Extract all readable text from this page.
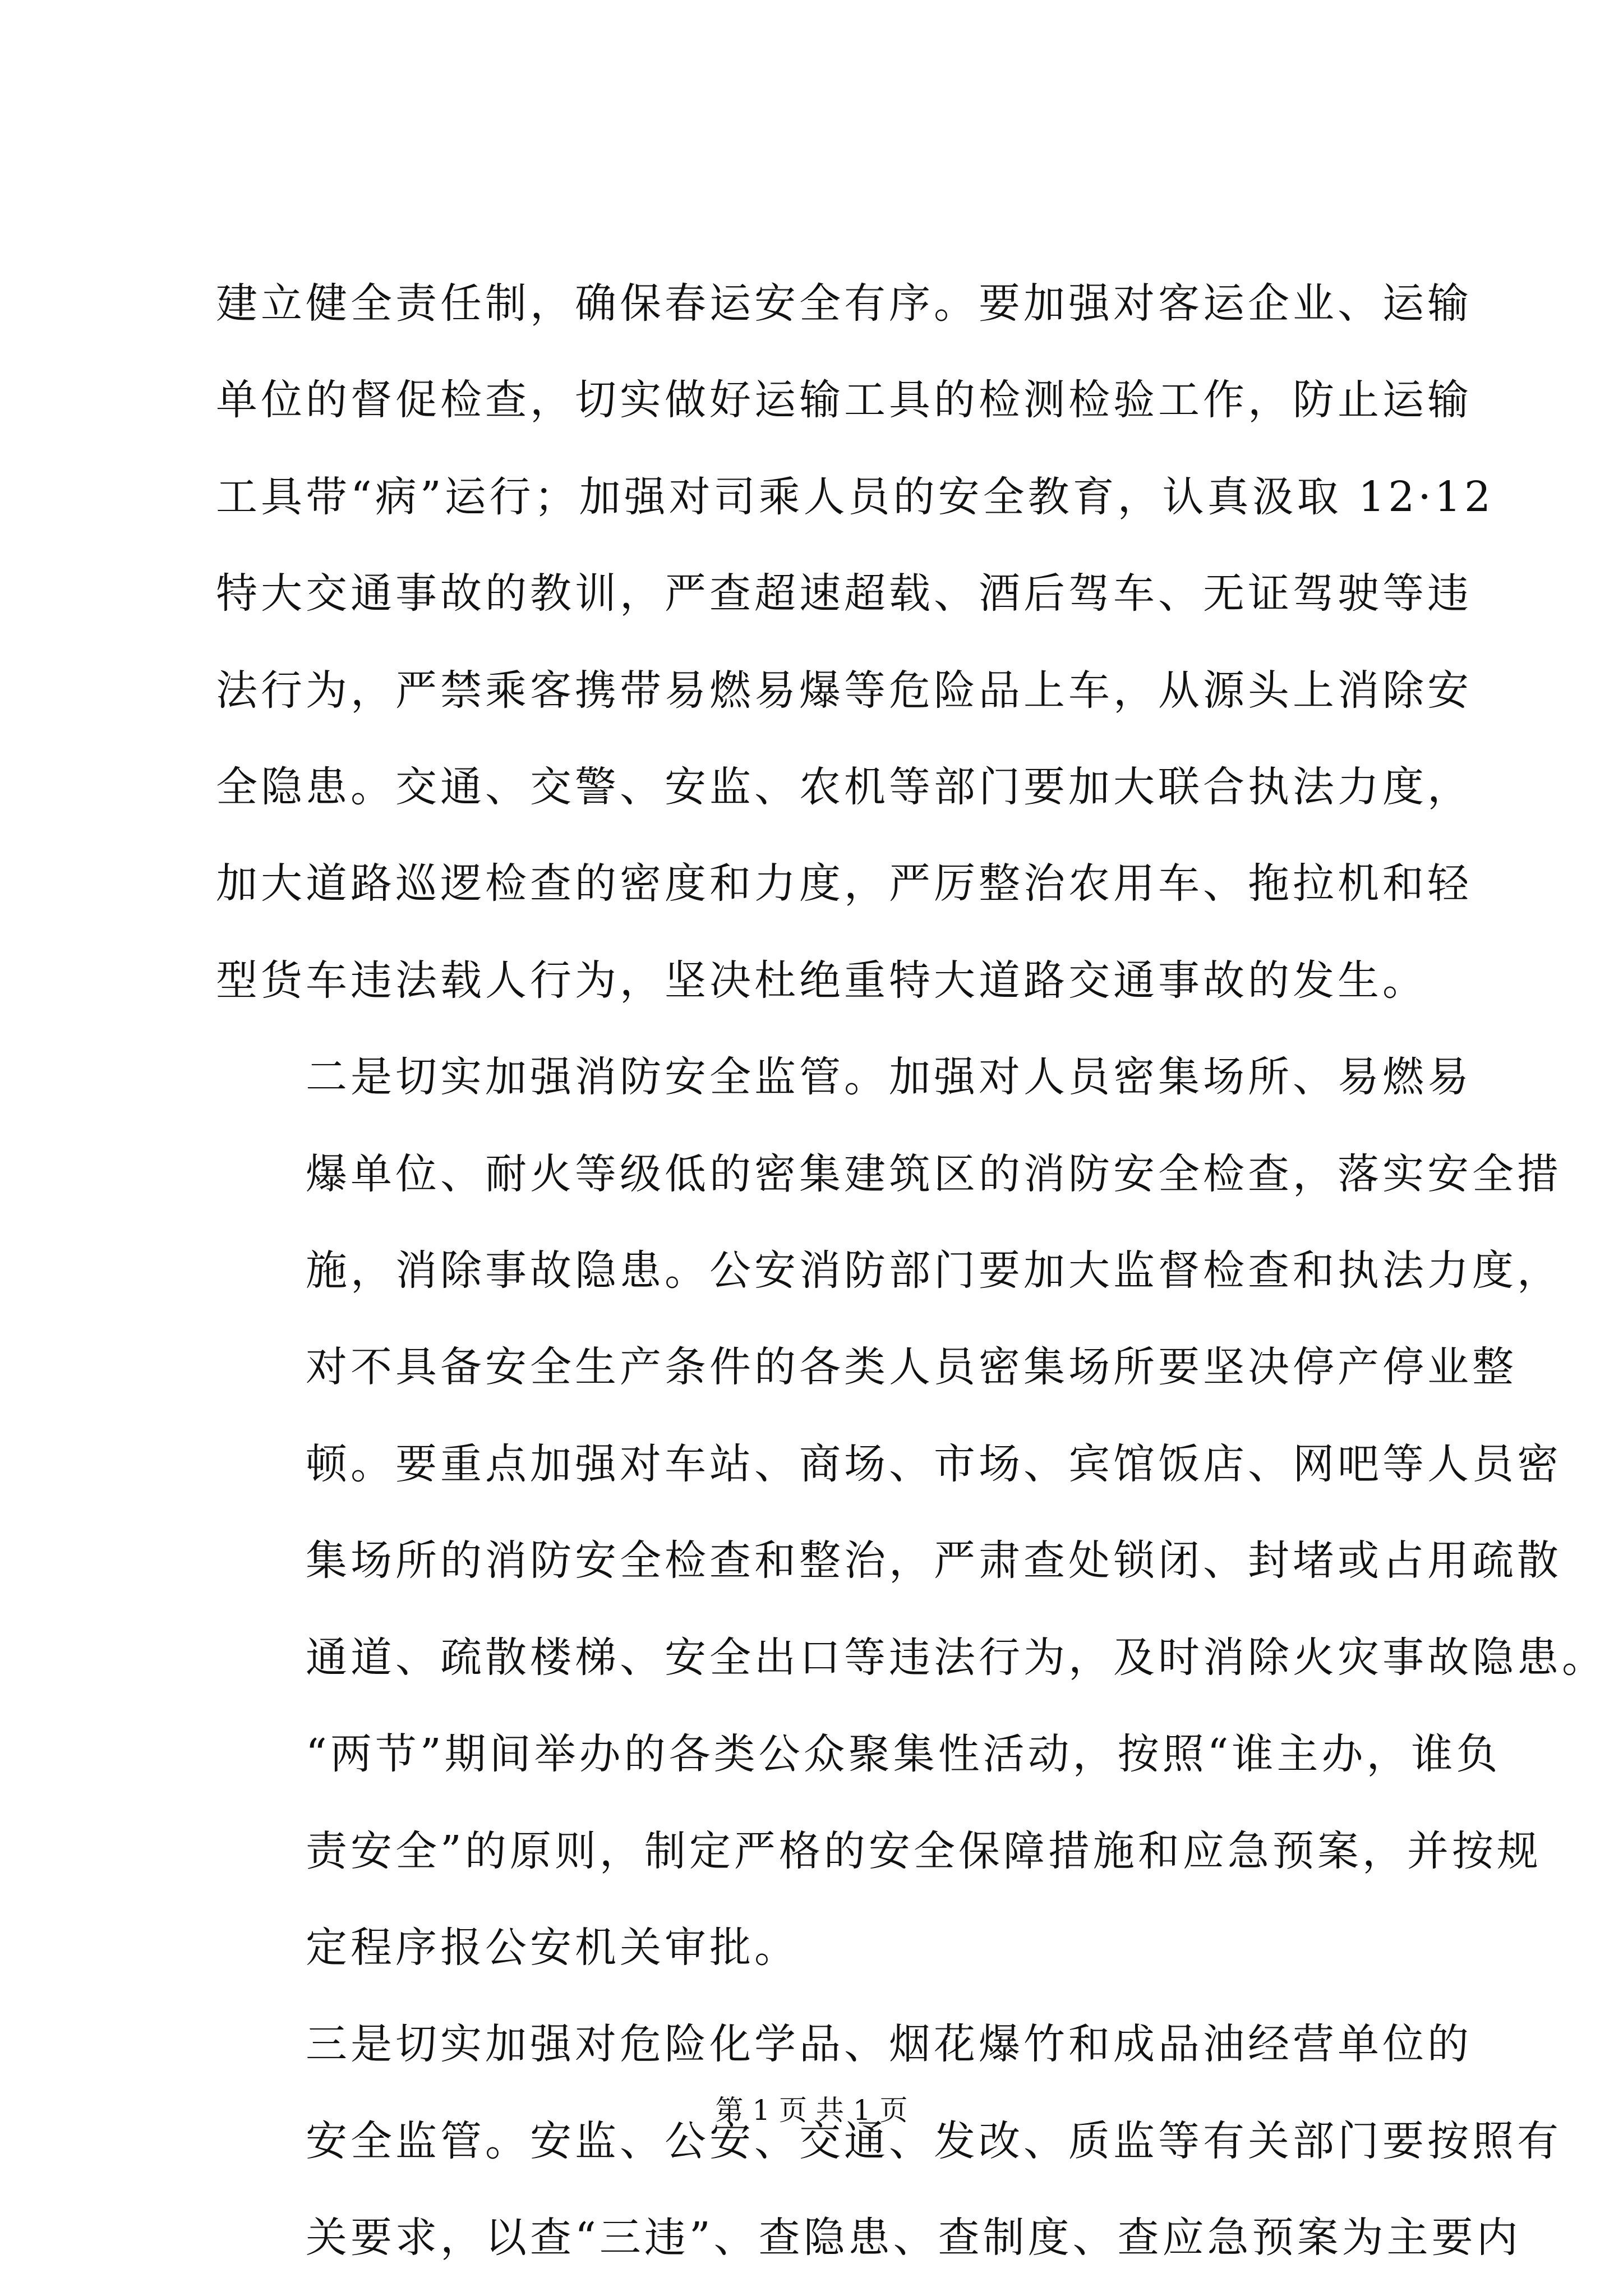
建立健全责任制，确保春运安全有序。要加强对客运企业、运输
单位的督促检查，切实做好运输工具的检测检验工作，防止运输
工具带“病”运行；加强对司乘人员的安全教育，认真汲取 12·12
特大交通事故的教训，严查超速超载、酒后驾车、无证驾驶等违
法行为，严禁乘客携带易燃易爆等危险品上车，从源头上消除安
全隐患。交通、交警、安监、农机等部门要加大联合执法力度，
加大道路巡逻检查的密度和力度，严厉整治农用车、拖拉机和轻
型货车违法载人行为，坚决杜绝重特大道路交通事故的发生。

二是切实加强消防安全监管。加强对人员密集场所、易燃易
爆单位、耐火等级低的密集建筑区的消防安全检查，落实安全措
施，消除事故隐患。公安消防部门要加大监督检查和执法力度，
对不具备安全生产条件的各类人员密集场所要坚决停产停业整
顿。要重点加强对车站、商场、市场、宾馆饭店、网吧等人员密
集场所的消防安全检查和整治，严肃查处锁闭、封堵或占用疏散
通道、疏散楼梯、安全出口等违法行为，及时消除火灾事故隐患。
“两节”期间举办的各类公众聚集性活动，按照“谁主办，谁负
责安全”的原则，制定严格的安全保障措施和应急预案，并按规
定程序报公安机关审批。

三是切实加强对危险化学品、烟花爆竹和成品油经营单位的
安全监管。安监、公安、交通、发改、质监等有关部门要按照有
关要求，以查“三违”、查隐患、查制度、查应急预案为主要内

第 1 页 共 1 页
